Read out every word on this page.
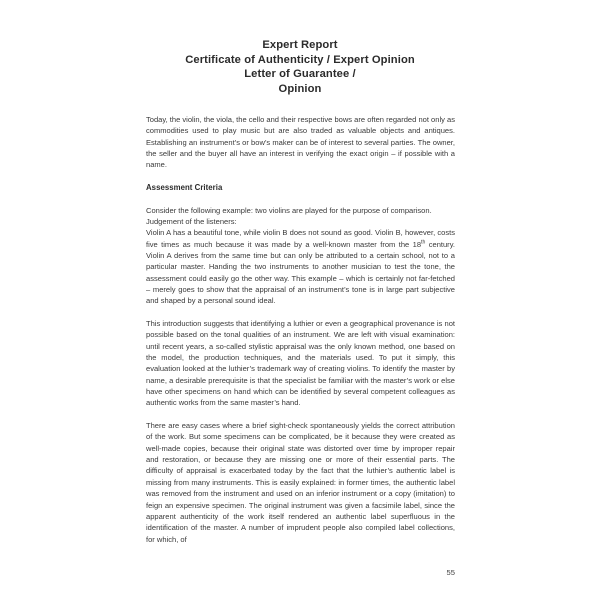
Expert Report
Certificate of Authenticity / Expert Opinion
Letter of Guarantee /
Opinion

Today, the violin, the viola, the cello and their respective bows are often regarded not only as commodities used to play music but are also traded as valuable objects and antiques. Establishing an instrument’s or bow’s maker can be of interest to several parties. The owner, the seller and the buyer all have an interest in verifying the exact origin – if possible with a name.

Assessment Criteria

Consider the following example: two violins are played for the purpose of comparison.
Judgement of the listeners:
Violin A has a beautiful tone, while violin B does not sound as good. Violin B, however, costs five times as much because it was made by a well-known master from the 18th century. Violin A derives from the same time but can only be attributed to a certain school, not to a particular master. Handing the two instruments to another musician to test the tone, the assessment could easily go the other way. This example – which is certainly not far-fetched – merely goes to show that the appraisal of an instrument’s tone is in large part subjective and shaped by a personal sound ideal.

This introduction suggests that identifying a luthier or even a geographical provenance is not possible based on the tonal qualities of an instrument. We are left with visual examination: until recent years, a so-called stylistic appraisal was the only known method, one based on the model, the production techniques, and the materials used. To put it simply, this evaluation looked at the luthier’s trademark way of creating violins. To identify the master by name, a desirable prerequisite is that the specialist be familiar with the master’s work or else have other specimens on hand which can be identified by several competent colleagues as authentic works from the same master’s hand.

There are easy cases where a brief sight-check spontaneously yields the correct attribution of the work. But some specimens can be complicated, be it because they were created as well-made copies, because their original state was distorted over time by improper repair and restoration, or because they are missing one or more of their essential parts. The difficulty of appraisal is exacerbated today by the fact that the luthier’s authentic label is missing from many instruments. This is easily explained: in former times, the authentic label was removed from the instrument and used on an inferior instrument or a copy (imitation) to feign an expensive specimen. The original instrument was given a facsimile label, since the apparent authenticity of the work itself rendered an authentic label superfluous in the identification of the master. A number of imprudent people also compiled label collections, for which, of

55
